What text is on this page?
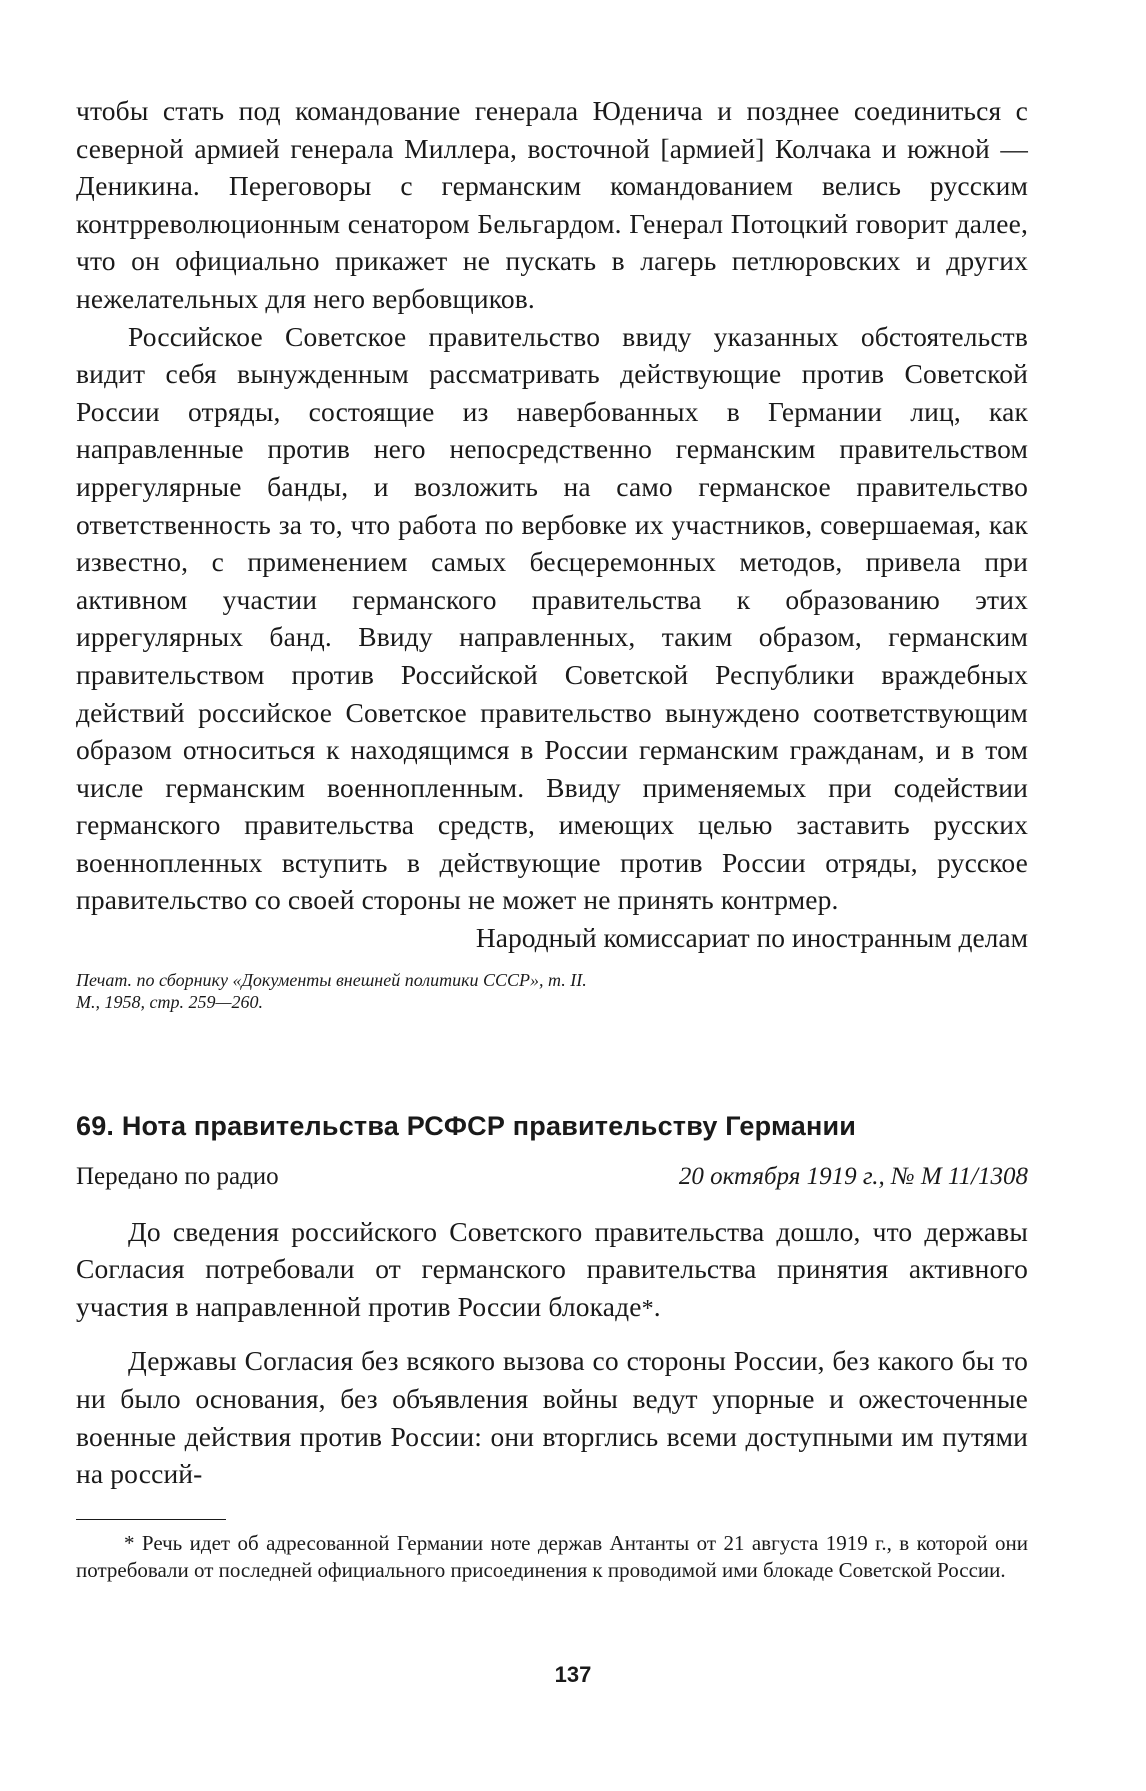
чтобы стать под командование генерала Юденича и позднее соединиться с северной армией генерала Миллера, восточной [армией] Колчака и южной — Деникина. Переговоры с германским командованием велись русским контрреволюционным сенатором Бельгардом. Генерал Потоцкий говорит далее, что он официально прикажет не пускать в лагерь петлюровских и других нежелательных для него вербовщиков.

Российское Советское правительство ввиду указанных обстоятельств видит себя вынужденным рассматривать действующие против Советской России отряды, состоящие из навербованных в Германии лиц, как направленные против него непосредственно германским правительством иррегулярные банды, и возложить на само германское правительство ответственность за то, что работа по вербовке их участников, совершаемая, как известно, с применением самых бесцеремонных методов, привела при активном участии германского правительства к образованию этих иррегулярных банд. Ввиду направленных, таким образом, германским правительством против Российской Советской Республики враждебных действий российское Советское правительство вынуждено соответствующим образом относиться к находящимся в России германским гражданам, и в том числе германским военнопленным. Ввиду применяемых при содействии германского правительства средств, имеющих целью заставить русских военнопленных вступить в действующие против России отряды, русское правительство со своей стороны не может не принять контрмер.

Народный комиссариат по иностранным делам

Печат. по сборнику «Документы внешней политики СССР», т. II. М., 1958, стр. 259—260.
69. Нота правительства РСФСР правительству Германии
Передано по радио	20 октября 1919 г., № М 11/1308

До сведения российского Советского правительства дошло, что державы Согласия потребовали от германского правительства принятия активного участия в направленной против России блокаде*.

Державы Согласия без всякого вызова со стороны России, без какого бы то ни было основания, без объявления войны ведут упорные и ожесточенные военные действия против России: они вторглись всеми доступными им путями на россий-

* Речь идет об адресованной Германии ноте держав Антанты от 21 августа 1919 г., в которой они потребовали от последней официального присоединения к проводимой ими блокаде Советской России.

137
